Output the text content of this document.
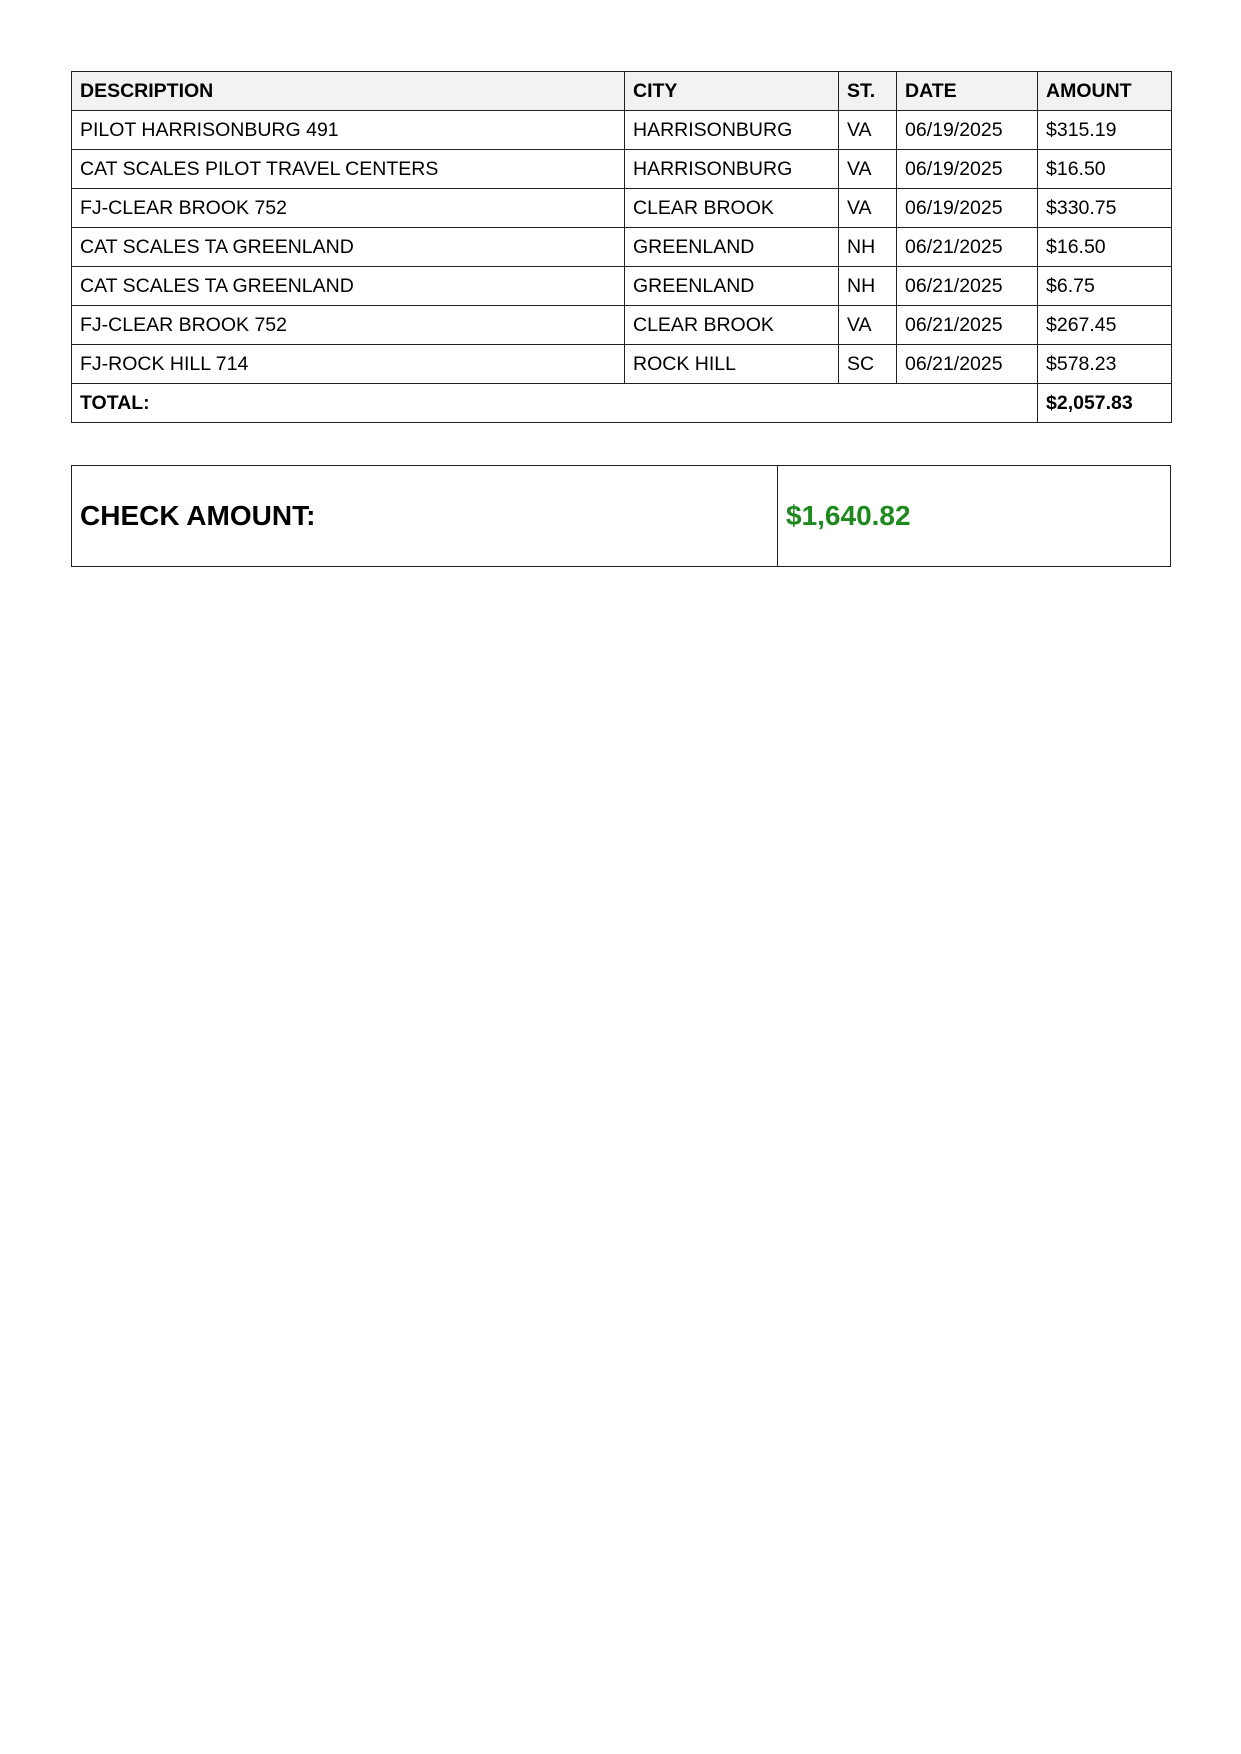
DESCRIPTION	CITY	ST.	DATE	AMOUNT
PILOT HARRISONBURG 491	HARRISONBURG	VA	06/19/2025	$315.19
CAT SCALES PILOT TRAVEL CENTERS	HARRISONBURG	VA	06/19/2025	$16.50
FJ-CLEAR BROOK 752	CLEAR BROOK	VA	06/19/2025	$330.75
CAT SCALES TA GREENLAND	GREENLAND	NH	06/21/2025	$16.50
CAT SCALES TA GREENLAND	GREENLAND	NH	06/21/2025	$6.75
FJ-CLEAR BROOK 752	CLEAR BROOK	VA	06/21/2025	$267.45
FJ-ROCK HILL 714	ROCK HILL	SC	06/21/2025	$578.23
TOTAL:				$2,057.83
CHECK AMOUNT:	$1,640.82
